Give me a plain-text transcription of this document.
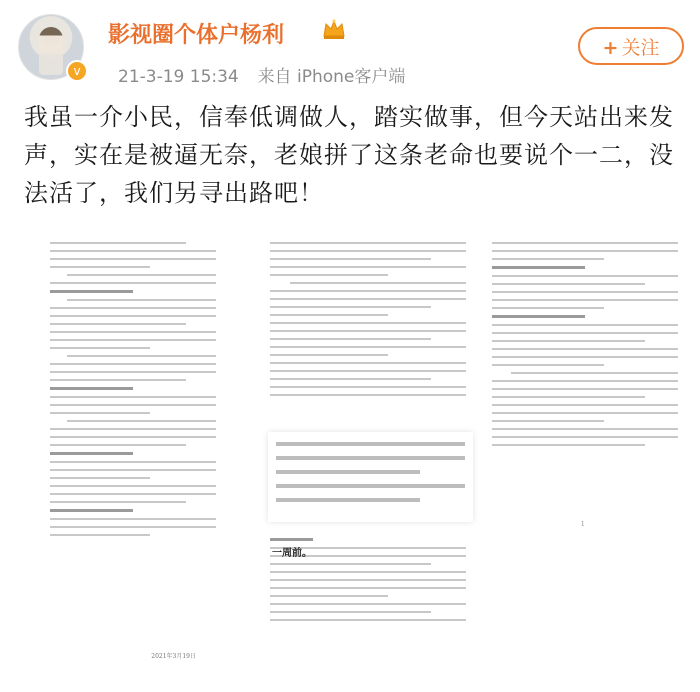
v
影视圈个体户杨利
21-3-19 15:34 来自 iPhone客户端
+ 关注

我虽一介小民，信奉低调做人，踏实做事，但今天站出来发声，实在是被逼无奈，老娘拼了这条老命也要说个一二，没法活了，我们另寻出路吧！

2021年3月19日
一周前。
1
